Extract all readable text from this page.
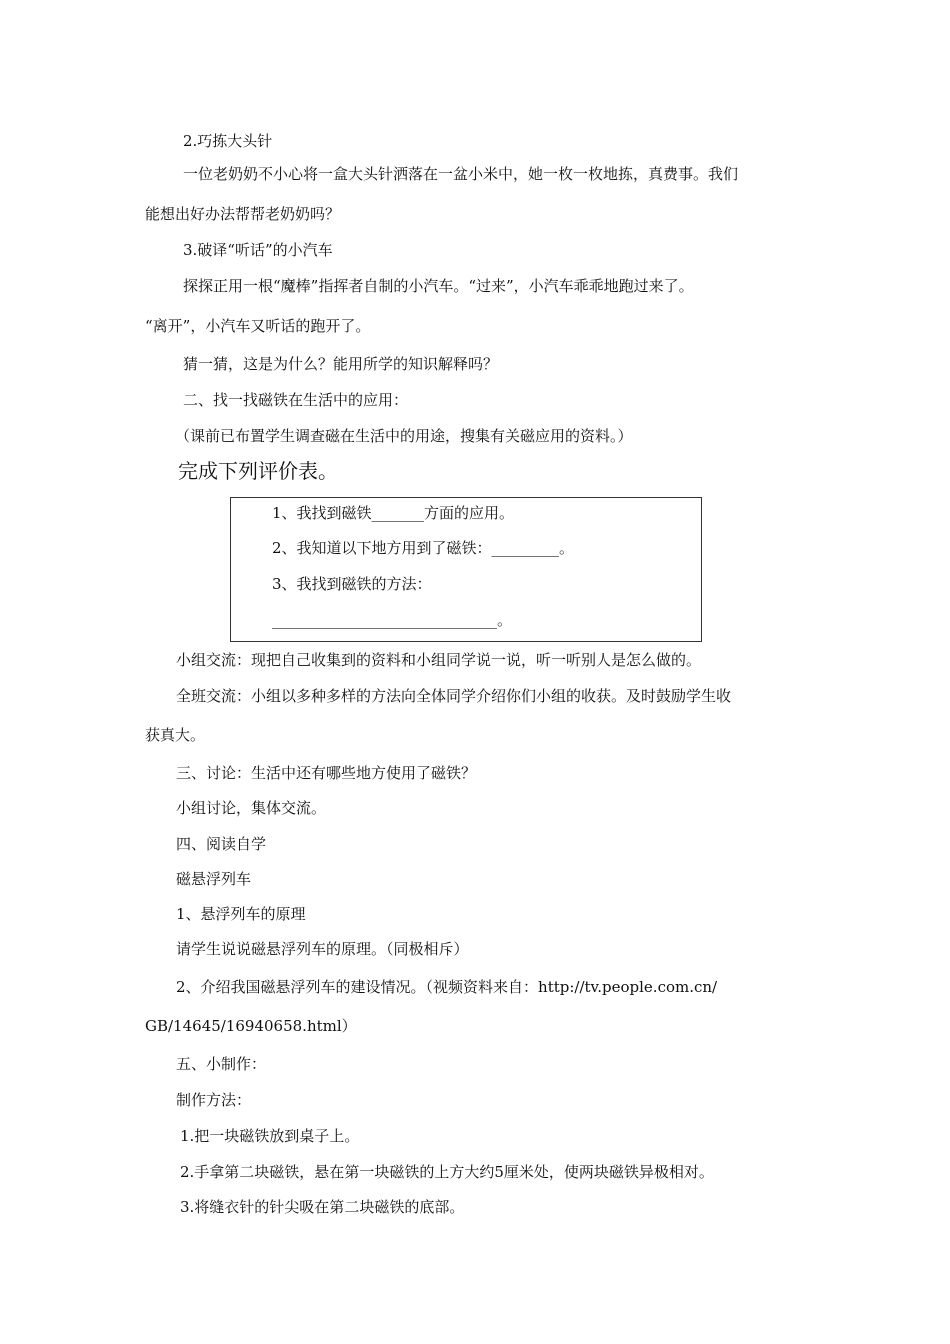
2.巧拣大头针
一位老奶奶不小心将一盒大头针洒落在一盆小米中，她一枚一枚地拣，真费事。我们
能想出好办法帮帮老奶奶吗？
3.破译“听话”的小汽车
探探正用一根“魔棒”指挥者自制的小汽车。“过来”，小汽车乖乖地跑过来了。
“离开”，小汽车又听话的跑开了。
猜一猜，这是为什么？能用所学的知识解释吗？
二、找一找磁铁在生活中的应用：
（课前已布置学生调查磁在生活中的用途，搜集有关磁应用的资料。）
完成下列评价表。
1、我找到磁铁_______方面的应用。
2、我知道以下地方用到了磁铁：_________。
3、我找到磁铁的方法：
______________________________。
小组交流：现把自己收集到的资料和小组同学说一说，听一听别人是怎么做的。
全班交流：小组以多种多样的方法向全体同学介绍你们小组的收获。及时鼓励学生收
获真大。
三、讨论：生活中还有哪些地方使用了磁铁？
小组讨论，集体交流。
四、阅读自学
磁悬浮列车
1、悬浮列车的原理
请学生说说磁悬浮列车的原理。（同极相斥）
2、介绍我国磁悬浮列车的建设情况。（视频资料来自：http://tv.people.com.cn/
GB/14645/16940658.html）
五、小制作：
制作方法：
1.把一块磁铁放到桌子上。
2.手拿第二块磁铁，悬在第一块磁铁的上方大约5厘米处，使两块磁铁异极相对。
3.将缝衣针的针尖吸在第二块磁铁的底部。
